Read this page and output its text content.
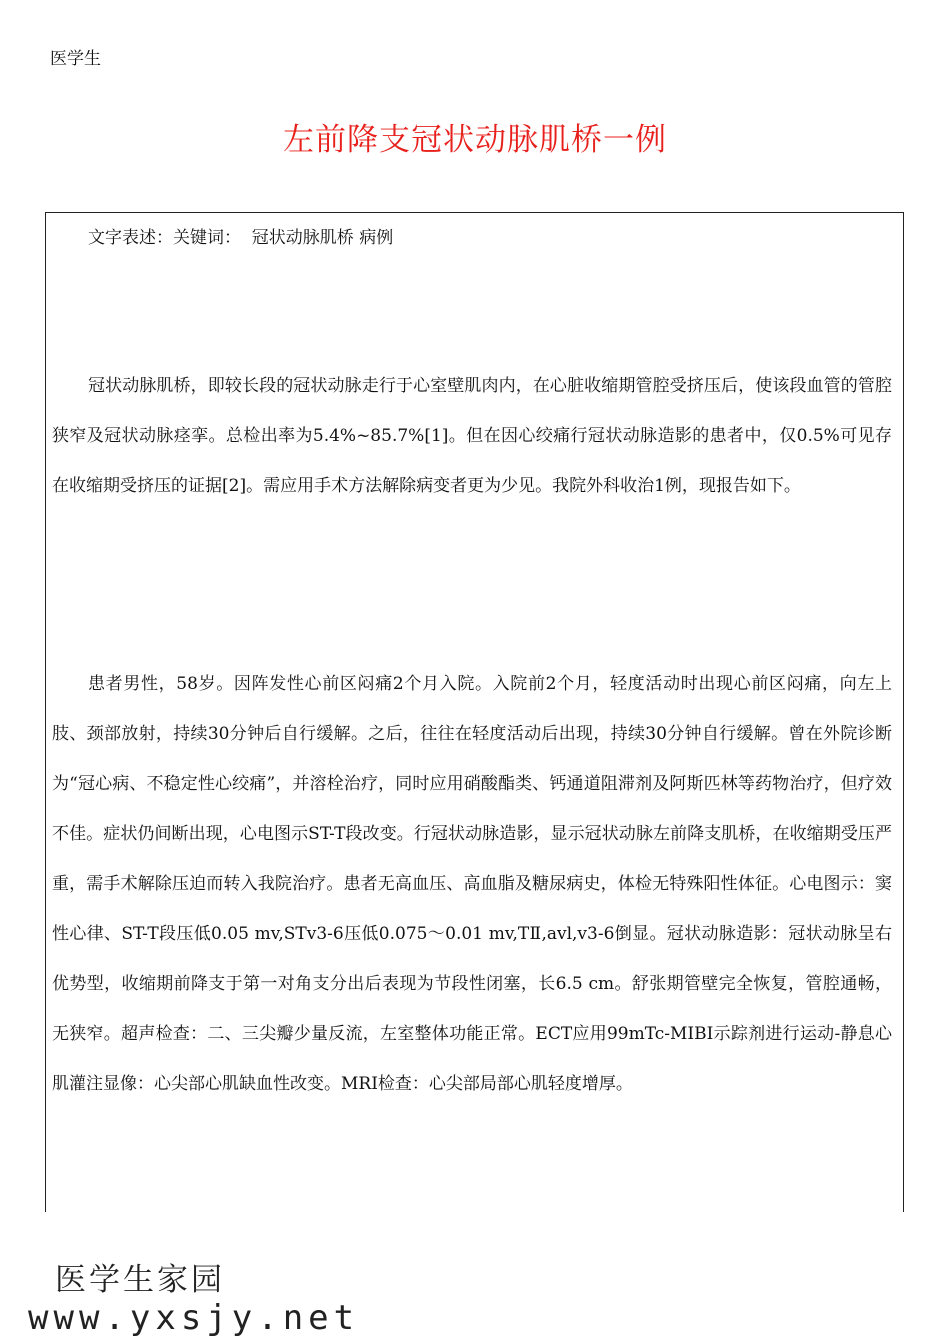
医学生
左前降支冠状动脉肌桥一例
文字表述：关键词：  冠状动脉肌桥 病例

冠状动脉肌桥，即较长段的冠状动脉走行于心室壁肌肉内，在心脏收缩期管腔受挤压后，使该段血管的管腔狭窄及冠状动脉痉挛。总检出率为5.4%~85.7%[1]。但在因心绞痛行冠状动脉造影的患者中，仅0.5%可见存在收缩期受挤压的证据[2]。需应用手术方法解除病变者更为少见。我院外科收治1例，现报告如下。

患者男性，58岁。因阵发性心前区闷痛2个月入院。入院前2个月，轻度活动时出现心前区闷痛，向左上肢、颈部放射，持续30分钟后自行缓解。之后，往往在轻度活动后出现，持续30分钟自行缓解。曾在外院诊断为“冠心病、不稳定性心绞痛”，并溶栓治疗，同时应用硝酸酯类、钙通道阻滞剂及阿斯匹林等药物治疗，但疗效不佳。症状仍间断出现，心电图示ST-T段改变。行冠状动脉造影，显示冠状动脉左前降支肌桥，在收缩期受压严重，需手术解除压迫而转入我院治疗。患者无高血压、高血脂及糖尿病史，体检无特殊阳性体征。心电图示：窦性心律、ST-T段压低0.05 mv,STv3-6压低0.075～0.01 mv,TⅡ,avl,v3-6倒显。冠状动脉造影：冠状动脉呈右优势型，收缩期前降支于第一对角支分出后表现为节段性闭塞，长6.5 cm。舒张期管壁完全恢复，管腔通畅，无狭窄。超声检查：二、三尖瓣少量反流，左室整体功能正常。ECT应用99mTc-MIBI示踪剂进行运动-静息心肌灌注显像：心尖部心肌缺血性改变。MRI检查：心尖部局部心肌轻度增厚。

医学生家园
www.yxsjy.net
